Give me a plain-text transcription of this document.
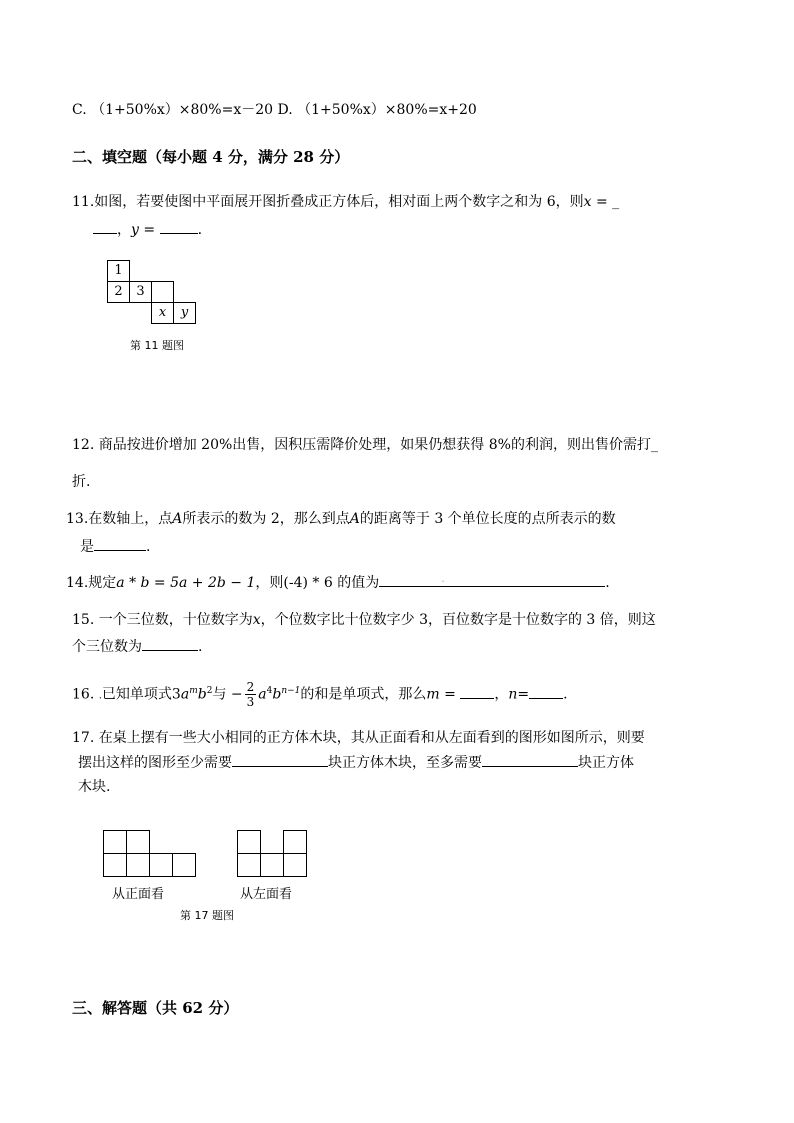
C. （1+50%x）×80%=x－20 D. （1+50%x）×80%=x+20
二、填空题（每小题 4 分，满分 28 分）
11.如图，若要使图中平面展开图折叠成正方体后，相对面上两个数字之和为 6，则x = _
，y =	.
1
2	3
x	y
第 11 题图
12. 商品按进价增加 20%出售，因积压需降价处理，如果仍想获得 8%的利润，则出售价需打_
折.
13.在数轴上，点A所表示的数为 2，那么到点A的距离等于 3 个单位长度的点所表示的数
是	.
14.规定a * b = 5a + 2b − 1，则(-4) * 6 的值为	.	.
15. 一个三位数，十位数字为x，个位数字比十位数字少 3，百位数字是十位数字的 3 倍，则这
个三位数为	.
16. .已知单项式$3a^mb^2$与 − $\frac{2}{3} a^4b^{n-1}$的和是单项式，那么m = ，n= .
17. 在桌上摆有一些大小相同的正方体木块，其从正面看和从左面看到的图形如图所示，则要
摆出这样的图形至少需要	块正方体木块，至多需要	块正方体
木块.
从正面看	从左面看
第 17 题图
三、解答题（共 62 分）
